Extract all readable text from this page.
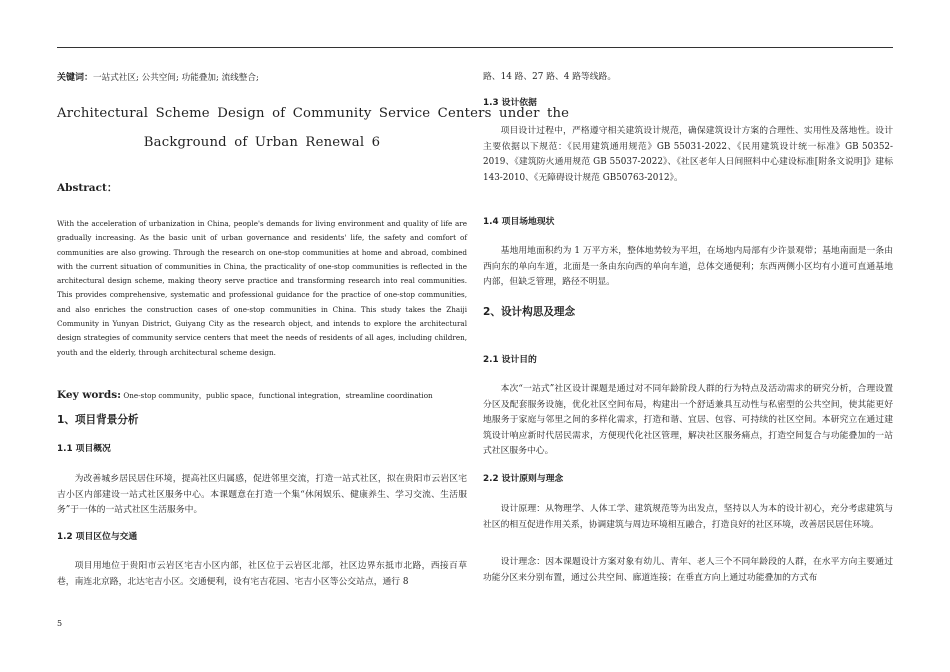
关键词：一站式社区; 公共空间; 功能叠加; 流线整合;
Architectural Scheme Design of Community Service Centers under the
Background of Urban Renewal 6
Abstract：
With the acceleration of urbanization in China, people's demands for living environment and quality of life are gradually increasing. As the basic unit of urban governance and residents' life, the safety and comfort of communities are also growing. Through the research on one-stop communities at home and abroad, combined with the current situation of communities in China, the practicality of one-stop communities is reflected in the architectural design scheme, making theory serve practice and transforming research into real communities. This provides comprehensive, systematic and professional guidance for the practice of one-stop communities, and also enriches the construction cases of one-stop communities in China. This study takes the Zhaiji Community in Yunyan District, Guiyang City as the research object, and intends to explore the architectural design strategies of community service centers that meet the needs of residents of all ages, including children, youth and the elderly, through architectural scheme design.
Key words: One-stop community，public space，functional integration，streamline coordination
1、项目背景分析
1.1 项目概况
为改善城乡居民居住环境，提高社区归属感，促进邻里交流，打造一站式社区，拟在贵阳市云岩区宅吉小区内部建设一站式社区服务中心。本课题意在打造一个集“休闲娱乐、健康养生、学习交流、生活服务”于一体的一站式社区生活服务中。
1.2 项目区位与交通
项目用地位于贵阳市云岩区宅吉小区内部，社区位于云岩区北部，社区边界东抵市北路，西接百草巷，南连北京路，北达宅吉小区。交通便利，设有宅吉花园、宅吉小区等公交站点，通行 8
路、14 路、27 路、4 路等线路。
1.3 设计依据
项目设计过程中，严格遵守相关建筑设计规范，确保建筑设计方案的合理性、实用性及落地性。设计主要依据以下规范：《民用建筑通用规范》GB 55031-2022、《民用建筑设计统一标准》GB 50352-2019、《建筑防火通用规范 GB 55037-2022》、《社区老年人日间照料中心建设标准[附条文说明]》建标 143-2010、《无障碍设计规范 GB50763-2012》。
1.4 项目场地现状
基地用地面积约为 1 万平方米，整体地势较为平坦，在场地内局部有少许景观带；基地南面是一条由西向东的单向车道，北面是一条由东向西的单向车道，总体交通便利；东西两侧小区均有小道可直通基地内部，但缺乏管理，路径不明显。
2、设计构思及理念
2.1 设计目的
本次“一站式”社区设计课题是通过对不同年龄阶段人群的行为特点及活动需求的研究分析，合理设置分区及配套服务设施，优化社区空间布局，构建出一个舒适兼具互动性与私密型的公共空间，使其能更好地服务于家庭与邻里之间的多样化需求，打造和谐、宜居、包容、可持续的社区空间。本研究立在通过建筑设计响应新时代居民需求，方便现代化社区管理，解决社区服务痛点，打造空间复合与功能叠加的一站式社区服务中心。
2.2 设计原则与理念
设计原理：从物理学、人体工学、建筑规范等为出发点，坚持以人为本的设计初心，充分考虑建筑与社区的相互促进作用关系，协调建筑与周边环境相互融合，打造良好的社区环境，改善居民居住环境。
设计理念：因本课题设计方案对象有幼儿、青年、老人三个不同年龄段的人群，在水平方向主要通过功能分区来分别布置，通过公共空间、廊道连接；在垂直方向上通过功能叠加的方式布
5
